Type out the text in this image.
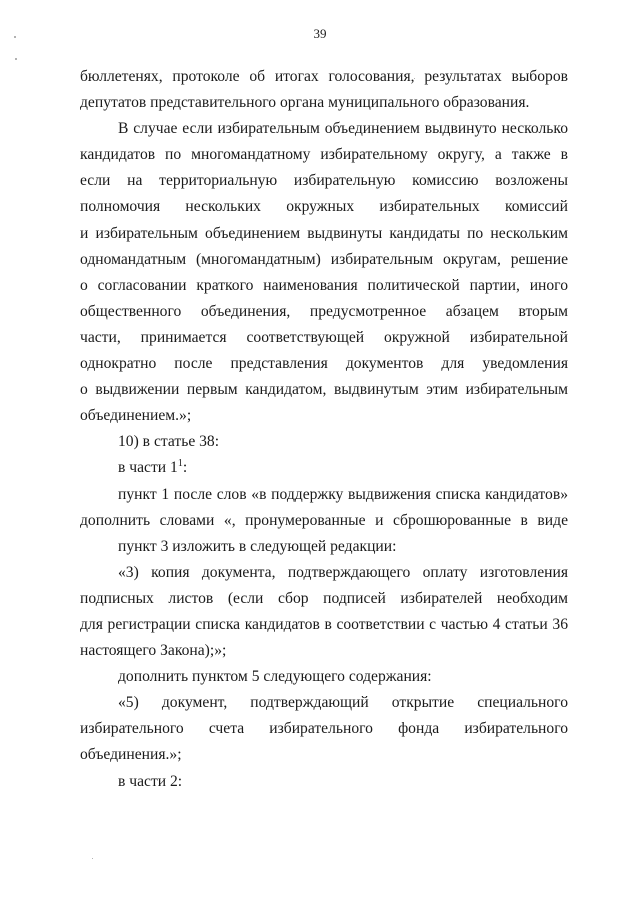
39
бюллетенях, протоколе об итогах голосования, результатах выборов
депутатов представительного органа муниципального образования.
В случае если избирательным объединением выдвинуто несколько
кандидатов по многомандатному избирательному округу, а также в
если на территориальную избирательную комиссию возложены
полномочия нескольких окружных избирательных комиссий
и избирательным объединением выдвинуты кандидаты по нескольким
одномандатным (многомандатным) избирательным округам, решение
о согласовании краткого наименования политической партии, иного
общественного объединения, предусмотренное абзацем вторым
части, принимается соответствующей окружной избирательной
однократно после представления документов для уведомления
о выдвижении первым кандидатом, выдвинутым этим избирательным
объединением.»;
10) в статье 38:
в части $1^1$:
пункт 1 после слов «в поддержку выдвижения списка кандидатов»
дополнить словами «, пронумерованные и сброшюрованные в виде
пункт 3 изложить в следующей редакции:
«3) копия документа, подтверждающего оплату изготовления
подписных листов (если сбор подписей избирателей необходим
для регистрации списка кандидатов в соответствии с частью 4 статьи 36
настоящего Закона);»;
дополнить пунктом 5 следующего содержания:
«5) документ, подтверждающий открытие специального
избирательного счета избирательного фонда избирательного
объединения.»;
в части 2:
